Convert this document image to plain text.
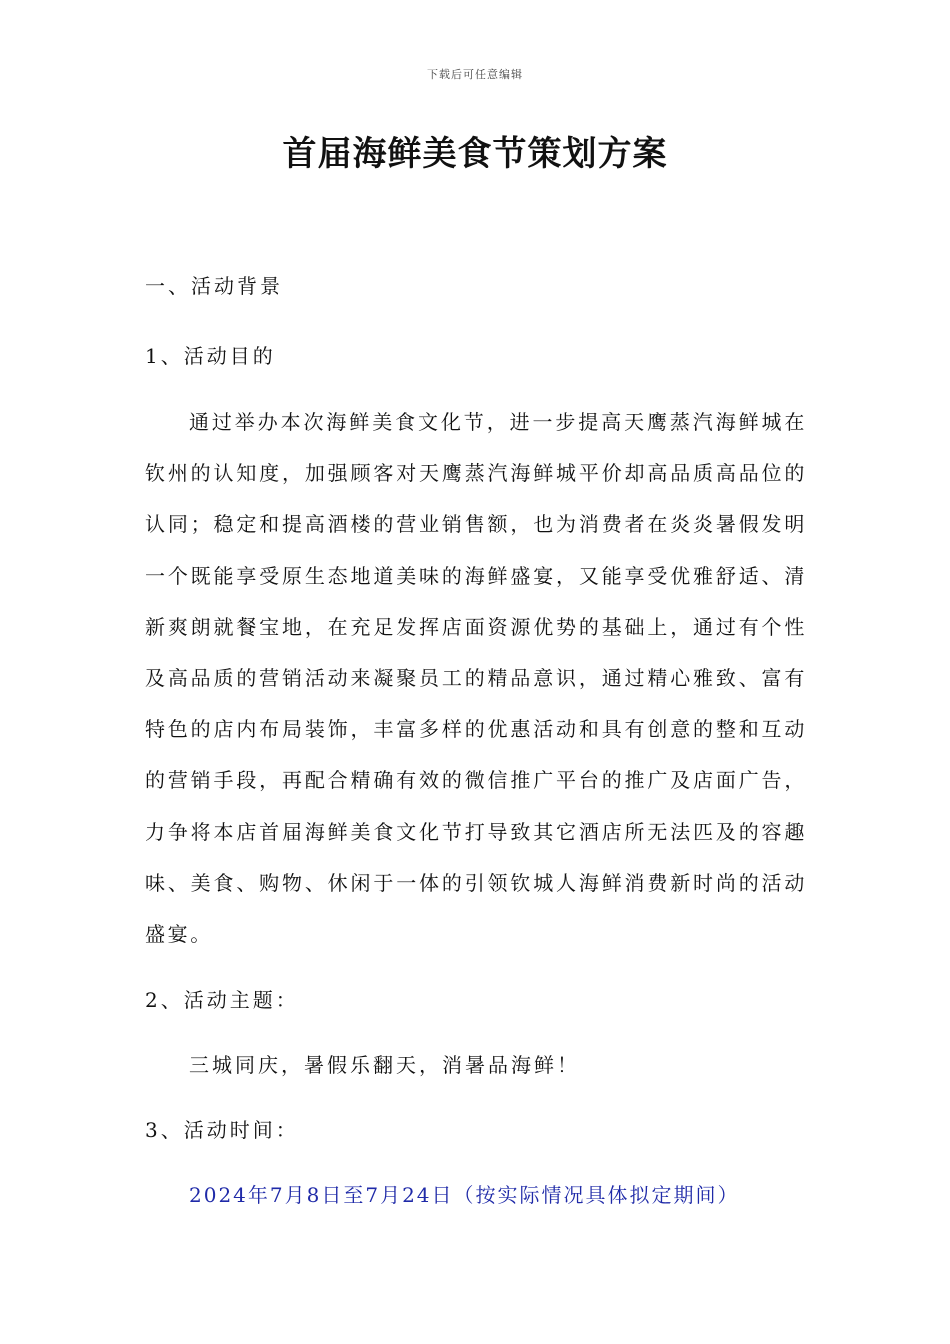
下载后可任意编辑
首届海鲜美食节策划方案
一、活动背景
1、活动目的
通过举办本次海鲜美食文化节，进一步提高天鹰蒸汽海鲜城在钦州的认知度，加强顾客对天鹰蒸汽海鲜城平价却高品质高品位的认同；稳定和提高酒楼的营业销售额，也为消费者在炎炎暑假发明一个既能享受原生态地道美味的海鲜盛宴，又能享受优雅舒适、清新爽朗就餐宝地，在充足发挥店面资源优势的基础上，通过有个性及高品质的营销活动来凝聚员工的精品意识，通过精心雅致、富有特色的店内布局装饰，丰富多样的优惠活动和具有创意的整和互动的营销手段，再配合精确有效的微信推广平台的推广及店面广告，力争将本店首届海鲜美食文化节打导致其它酒店所无法匹及的容趣味、美食、购物、休闲于一体的引领钦城人海鲜消费新时尚的活动盛宴。
2、活动主题：
三城同庆，暑假乐翻天，消暑品海鲜！
3、活动时间：
2024年7月8日至7月24日（按实际情况具体拟定期间）
